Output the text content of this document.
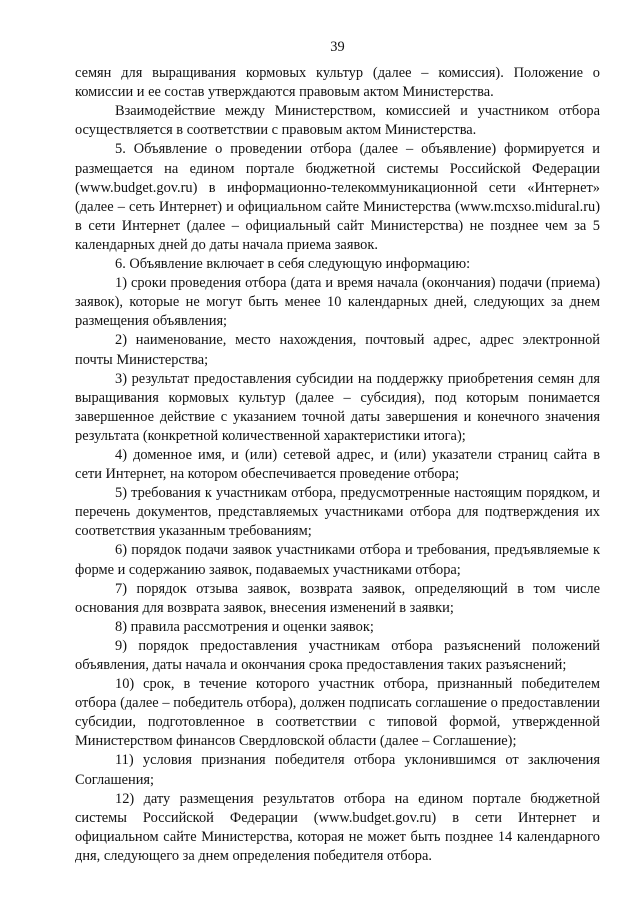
39

семян для выращивания кормовых культур (далее – комиссия). Положение о комиссии и ее состав утверждаются правовым актом Министерства.

Взаимодействие между Министерством, комиссией и участником отбора осуществляется в соответствии с правовым актом Министерства.

5. Объявление о проведении отбора (далее – объявление) формируется и размещается на едином портале бюджетной системы Российской Федерации (www.budget.gov.ru) в информационно-телекоммуникационной сети «Интернет» (далее – сеть Интернет) и официальном сайте Министерства (www.mcxso.midural.ru) в сети Интернет (далее – официальный сайт Министерства) не позднее чем за 5 календарных дней до даты начала приема заявок.

6. Объявление включает в себя следующую информацию:

1) сроки проведения отбора (дата и время начала (окончания) подачи (приема) заявок), которые не могут быть менее 10 календарных дней, следующих за днем размещения объявления;

2) наименование, место нахождения, почтовый адрес, адрес электронной почты Министерства;

3) результат предоставления субсидии на поддержку приобретения семян для выращивания кормовых культур (далее – субсидия), под которым понимается завершенное действие с указанием точной даты завершения и конечного значения результата (конкретной количественной характеристики итога);

4) доменное имя, и (или) сетевой адрес, и (или) указатели страниц сайта в сети Интернет, на котором обеспечивается проведение отбора;

5) требования к участникам отбора, предусмотренные настоящим порядком, и перечень документов, представляемых участниками отбора для подтверждения их соответствия указанным требованиям;

6) порядок подачи заявок участниками отбора и требования, предъявляемые к форме и содержанию заявок, подаваемых участниками отбора;

7) порядок отзыва заявок, возврата заявок, определяющий в том числе основания для возврата заявок, внесения изменений в заявки;

8) правила рассмотрения и оценки заявок;

9) порядок предоставления участникам отбора разъяснений положений объявления, даты начала и окончания срока предоставления таких разъяснений;

10) срок, в течение которого участник отбора, признанный победителем отбора (далее – победитель отбора), должен подписать соглашение о предоставлении субсидии, подготовленное в соответствии с типовой формой, утвержденной Министерством финансов Свердловской области (далее – Соглашение);

11) условия признания победителя отбора уклонившимся от заключения Соглашения;

12) дату размещения результатов отбора на едином портале бюджетной системы Российской Федерации (www.budget.gov.ru) в сети Интернет и официальном сайте Министерства, которая не может быть позднее 14 календарного дня, следующего за днем определения победителя отбора.
